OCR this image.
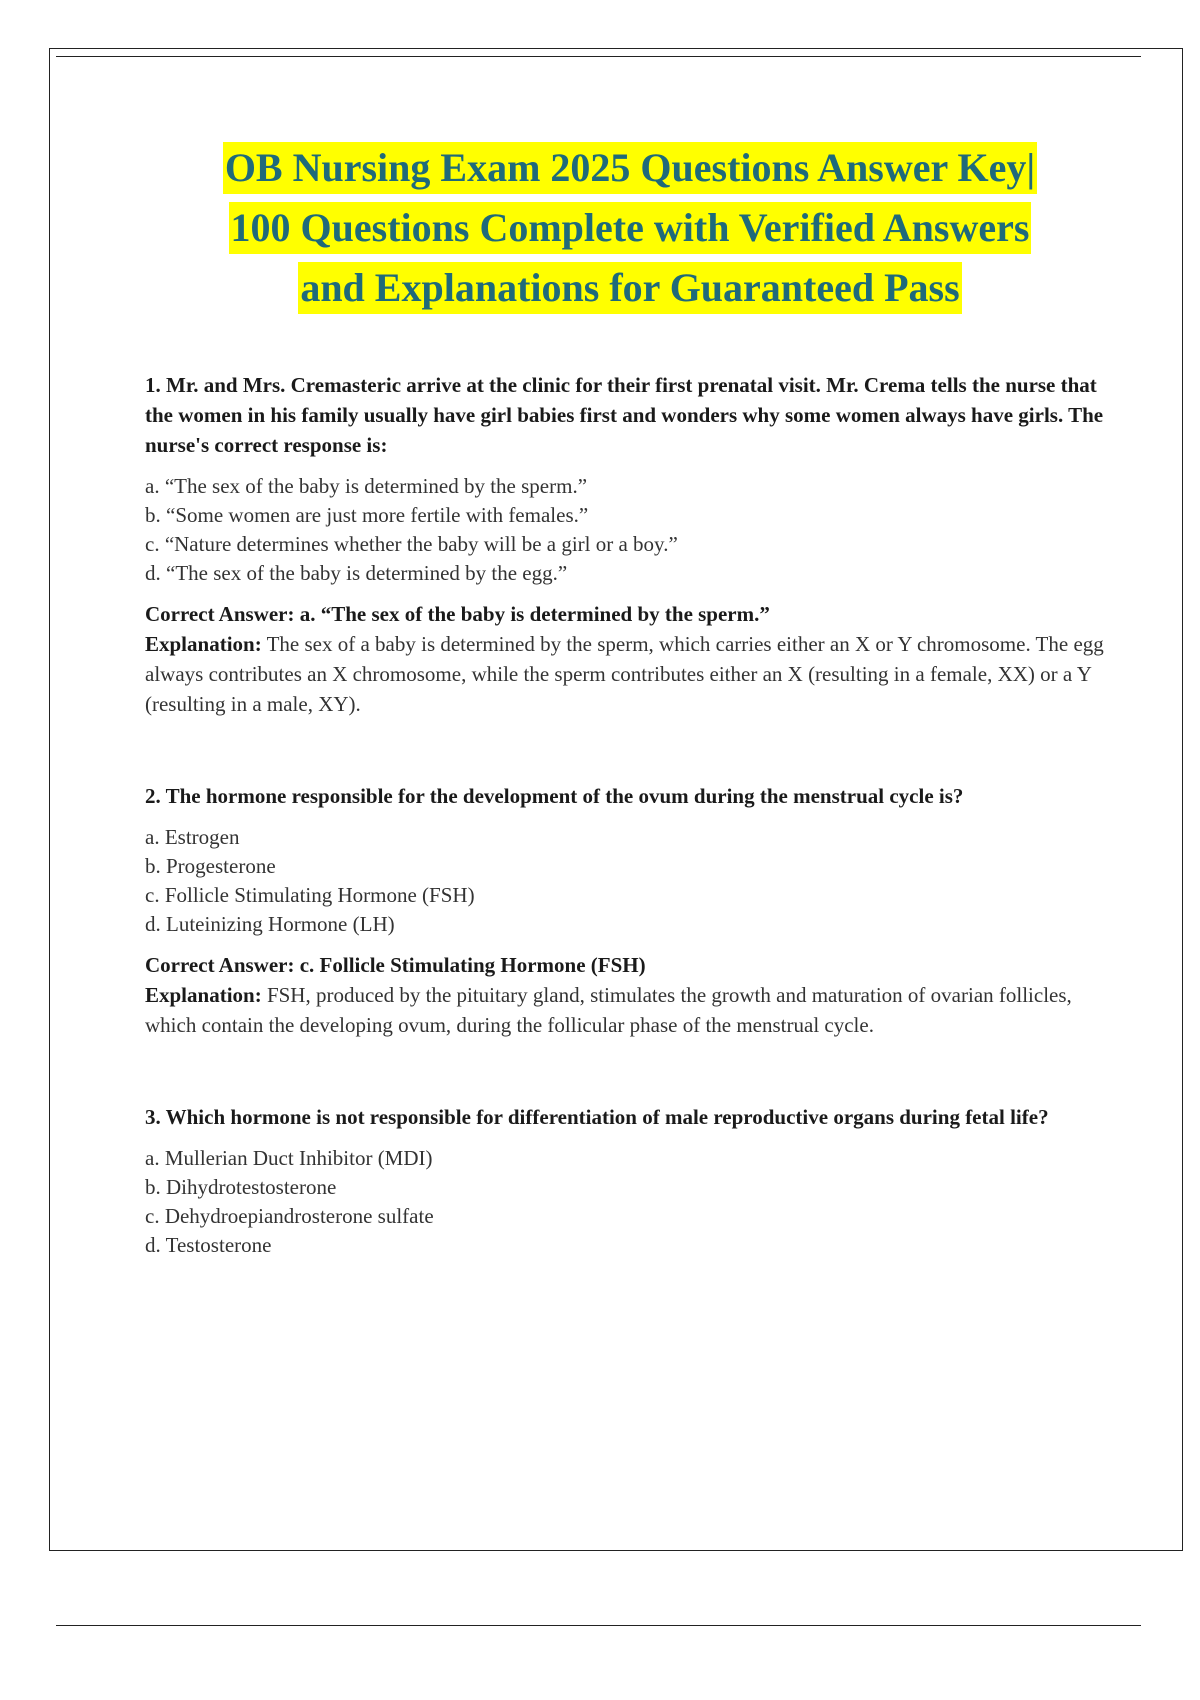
OB Nursing Exam 2025 Questions Answer Key|
100 Questions Complete with Verified Answers
and Explanations for Guaranteed Pass

1. Mr. and Mrs. Cremasteric arrive at the clinic for their first prenatal visit. Mr. Crema tells the nurse that the women in his family usually have girl babies first and wonders why some women always have girls. The nurse's correct response is:

a. “The sex of the baby is determined by the sperm.”
b. “Some women are just more fertile with females.”
c. “Nature determines whether the baby will be a girl or a boy.”
d. “The sex of the baby is determined by the egg.”
Correct Answer: a. “The sex of the baby is determined by the sperm.”
Explanation: The sex of a baby is determined by the sperm, which carries either an X or Y chromosome. The egg always contributes an X chromosome, while the sperm contributes either an X (resulting in a female, XX) or a Y (resulting in a male, XY).

2. The hormone responsible for the development of the ovum during the menstrual cycle is?

a. Estrogen
b. Progesterone
c. Follicle Stimulating Hormone (FSH)
d. Luteinizing Hormone (LH)
Correct Answer: c. Follicle Stimulating Hormone (FSH)
Explanation: FSH, produced by the pituitary gland, stimulates the growth and maturation of ovarian follicles, which contain the developing ovum, during the follicular phase of the menstrual cycle.

3. Which hormone is not responsible for differentiation of male reproductive organs during fetal life?

a. Mullerian Duct Inhibitor (MDI)
b. Dihydrotestosterone
c. Dehydroepiandrosterone sulfate
d. Testosterone
